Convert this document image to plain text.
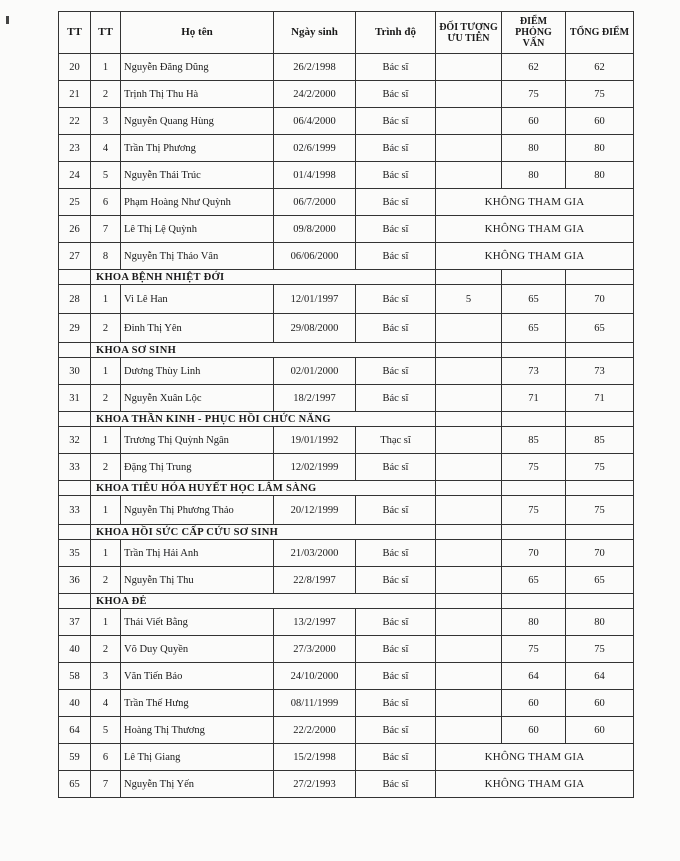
TT	TT	Họ tên	Ngày sinh	Trình độ	ĐỐI TƯỢNG ƯU TIÊN	ĐIỂM PHỎNG VẤN	TỔNG ĐIỂM
20	1	Nguyễn Đăng Dũng	26/2/1998	Bác sĩ		62	62
21	2	Trịnh Thị Thu Hà	24/2/2000	Bác sĩ		75	75
22	3	Nguyễn Quang Hùng	06/4/2000	Bác sĩ		60	60
23	4	Trần Thị Phương	02/6/1999	Bác sĩ		80	80
24	5	Nguyễn Thái Trúc	01/4/1998	Bác sĩ		80	80
25	6	Phạm Hoàng Như Quỳnh	06/7/2000	Bác sĩ	KHÔNG THAM GIA		
26	7	Lê Thị Lệ Quỳnh	09/8/2000	Bác sĩ	KHÔNG THAM GIA		
27	8	Nguyễn Thị Thảo Vân	06/06/2000	Bác sĩ	KHÔNG THAM GIA		
	KHOA BỆNH NHIỆT ĐỚI						
28	1	Vi Lê Han	12/01/1997	Bác sĩ	5	65	70
29	2	Đinh Thị Yên	29/08/2000	Bác sĩ		65	65
	KHOA SƠ SINH						
30	1	Dương Thùy Linh	02/01/2000	Bác sĩ		73	73
31	2	Nguyễn Xuân Lộc	18/2/1997	Bác sĩ		71	71
	KHOA THẦN KINH - PHỤC HỒI CHỨC NĂNG						
32	1	Trương Thị Quỳnh Ngân	19/01/1992	Thạc sĩ		85	85
33	2	Đặng Thị Trung	12/02/1999	Bác sĩ		75	75
	KHOA TIÊU HÓA HUYẾT HỌC LÂM SÀNG						
33	1	Nguyễn Thị Phương Thảo	20/12/1999	Bác sĩ		75	75
	KHOA HỒI SỨC CẤP CỨU SƠ SINH						
35	1	Trần Thị Hải Anh	21/03/2000	Bác sĩ		70	70
36	2	Nguyễn Thị Thu	22/8/1997	Bác sĩ		65	65
	KHOA ĐẺ						
37	1	Thái Viết Bằng	13/2/1997	Bác sĩ		80	80
40	2	Võ Duy Quyền	27/3/2000	Bác sĩ		75	75
58	3	Văn Tiến Bảo	24/10/2000	Bác sĩ		64	64
40	4	Trần Thế Hưng	08/11/1999	Bác sĩ		60	60
64	5	Hoàng Thị Thương	22/2/2000	Bác sĩ		60	60
59	6	Lê Thị Giang	15/2/1998	Bác sĩ	KHÔNG THAM GIA		
65	7	Nguyễn Thị Yến	27/2/1993	Bác sĩ	KHÔNG THAM GIA		
